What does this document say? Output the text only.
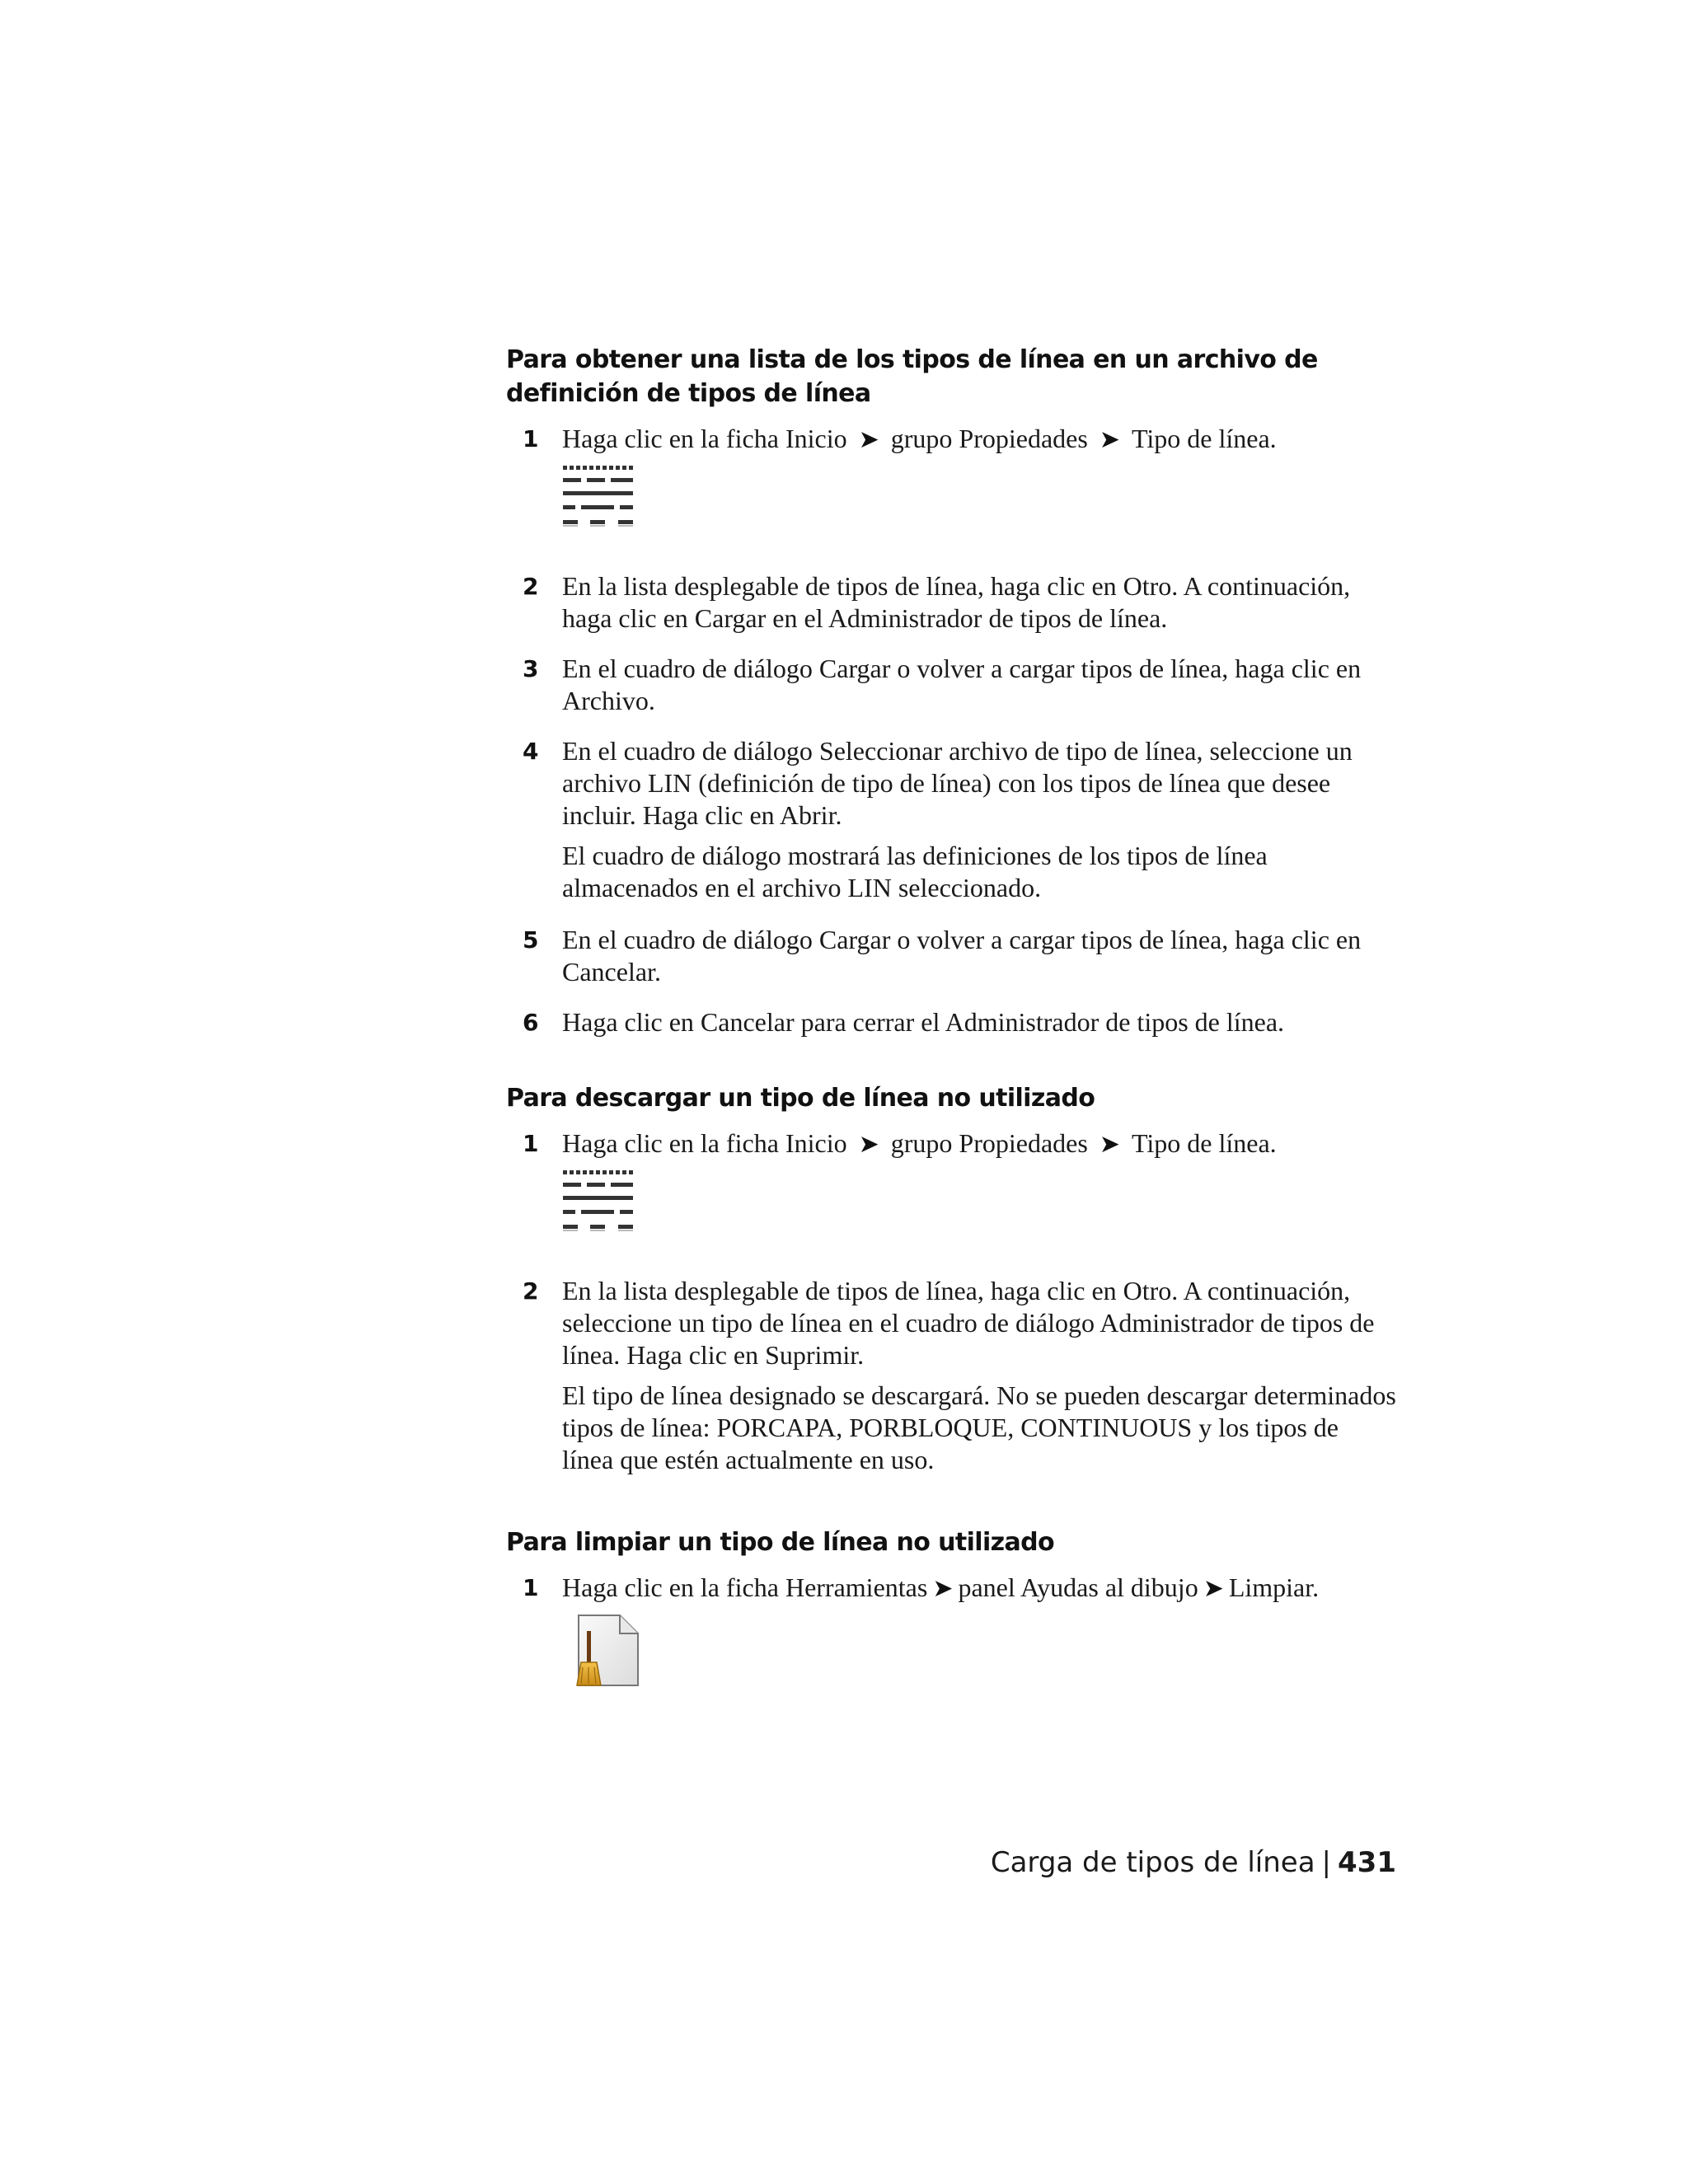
Para obtener una lista de los tipos de línea en un archivo de definición de tipos de línea
1 Haga clic en la ficha Inicio ➤ grupo Propiedades ➤ Tipo de línea.

2 En la lista desplegable de tipos de línea, haga clic en Otro. A continuación, haga clic en Cargar en el Administrador de tipos de línea.

3 En el cuadro de diálogo Cargar o volver a cargar tipos de línea, haga clic en Archivo.

4 En el cuadro de diálogo Seleccionar archivo de tipo de línea, seleccione un archivo LIN (definición de tipo de línea) con los tipos de línea que desee incluir. Haga clic en Abrir.

El cuadro de diálogo mostrará las definiciones de los tipos de línea almacenados en el archivo LIN seleccionado.

5 En el cuadro de diálogo Cargar o volver a cargar tipos de línea, haga clic en Cancelar.

6 Haga clic en Cancelar para cerrar el Administrador de tipos de línea.

Para descargar un tipo de línea no utilizado
1 Haga clic en la ficha Inicio ➤ grupo Propiedades ➤ Tipo de línea.

2 En la lista desplegable de tipos de línea, haga clic en Otro. A continuación, seleccione un tipo de línea en el cuadro de diálogo Administrador de tipos de línea. Haga clic en Suprimir.

El tipo de línea designado se descargará. No se pueden descargar determinados tipos de línea: PORCAPA, PORBLOQUE, CONTINUOUS y los tipos de línea que estén actualmente en uso.

Para limpiar un tipo de línea no utilizado
1 Haga clic en la ficha Herramientas ➤ panel Ayudas al dibujo ➤ Limpiar.

Carga de tipos de línea | 431
